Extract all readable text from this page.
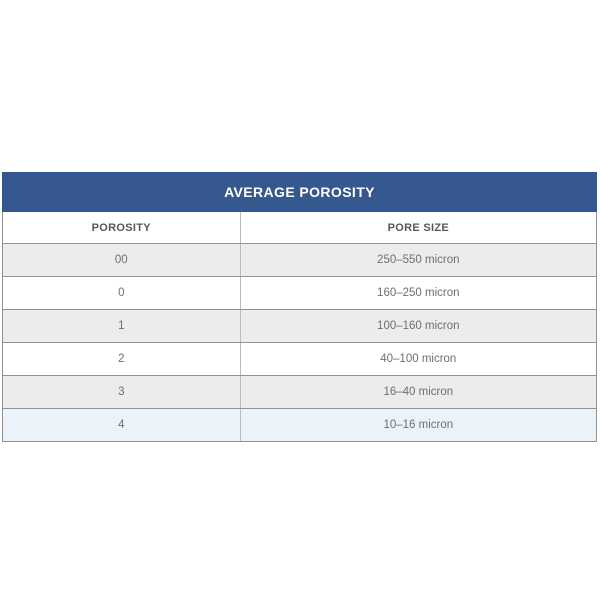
AVERAGE POROSITY
POROSITY	PORE SIZE
00	250–550 micron
0	160–250 micron
1	100–160 micron
2	40–100 micron
3	16–40 micron
4	10–16 micron
